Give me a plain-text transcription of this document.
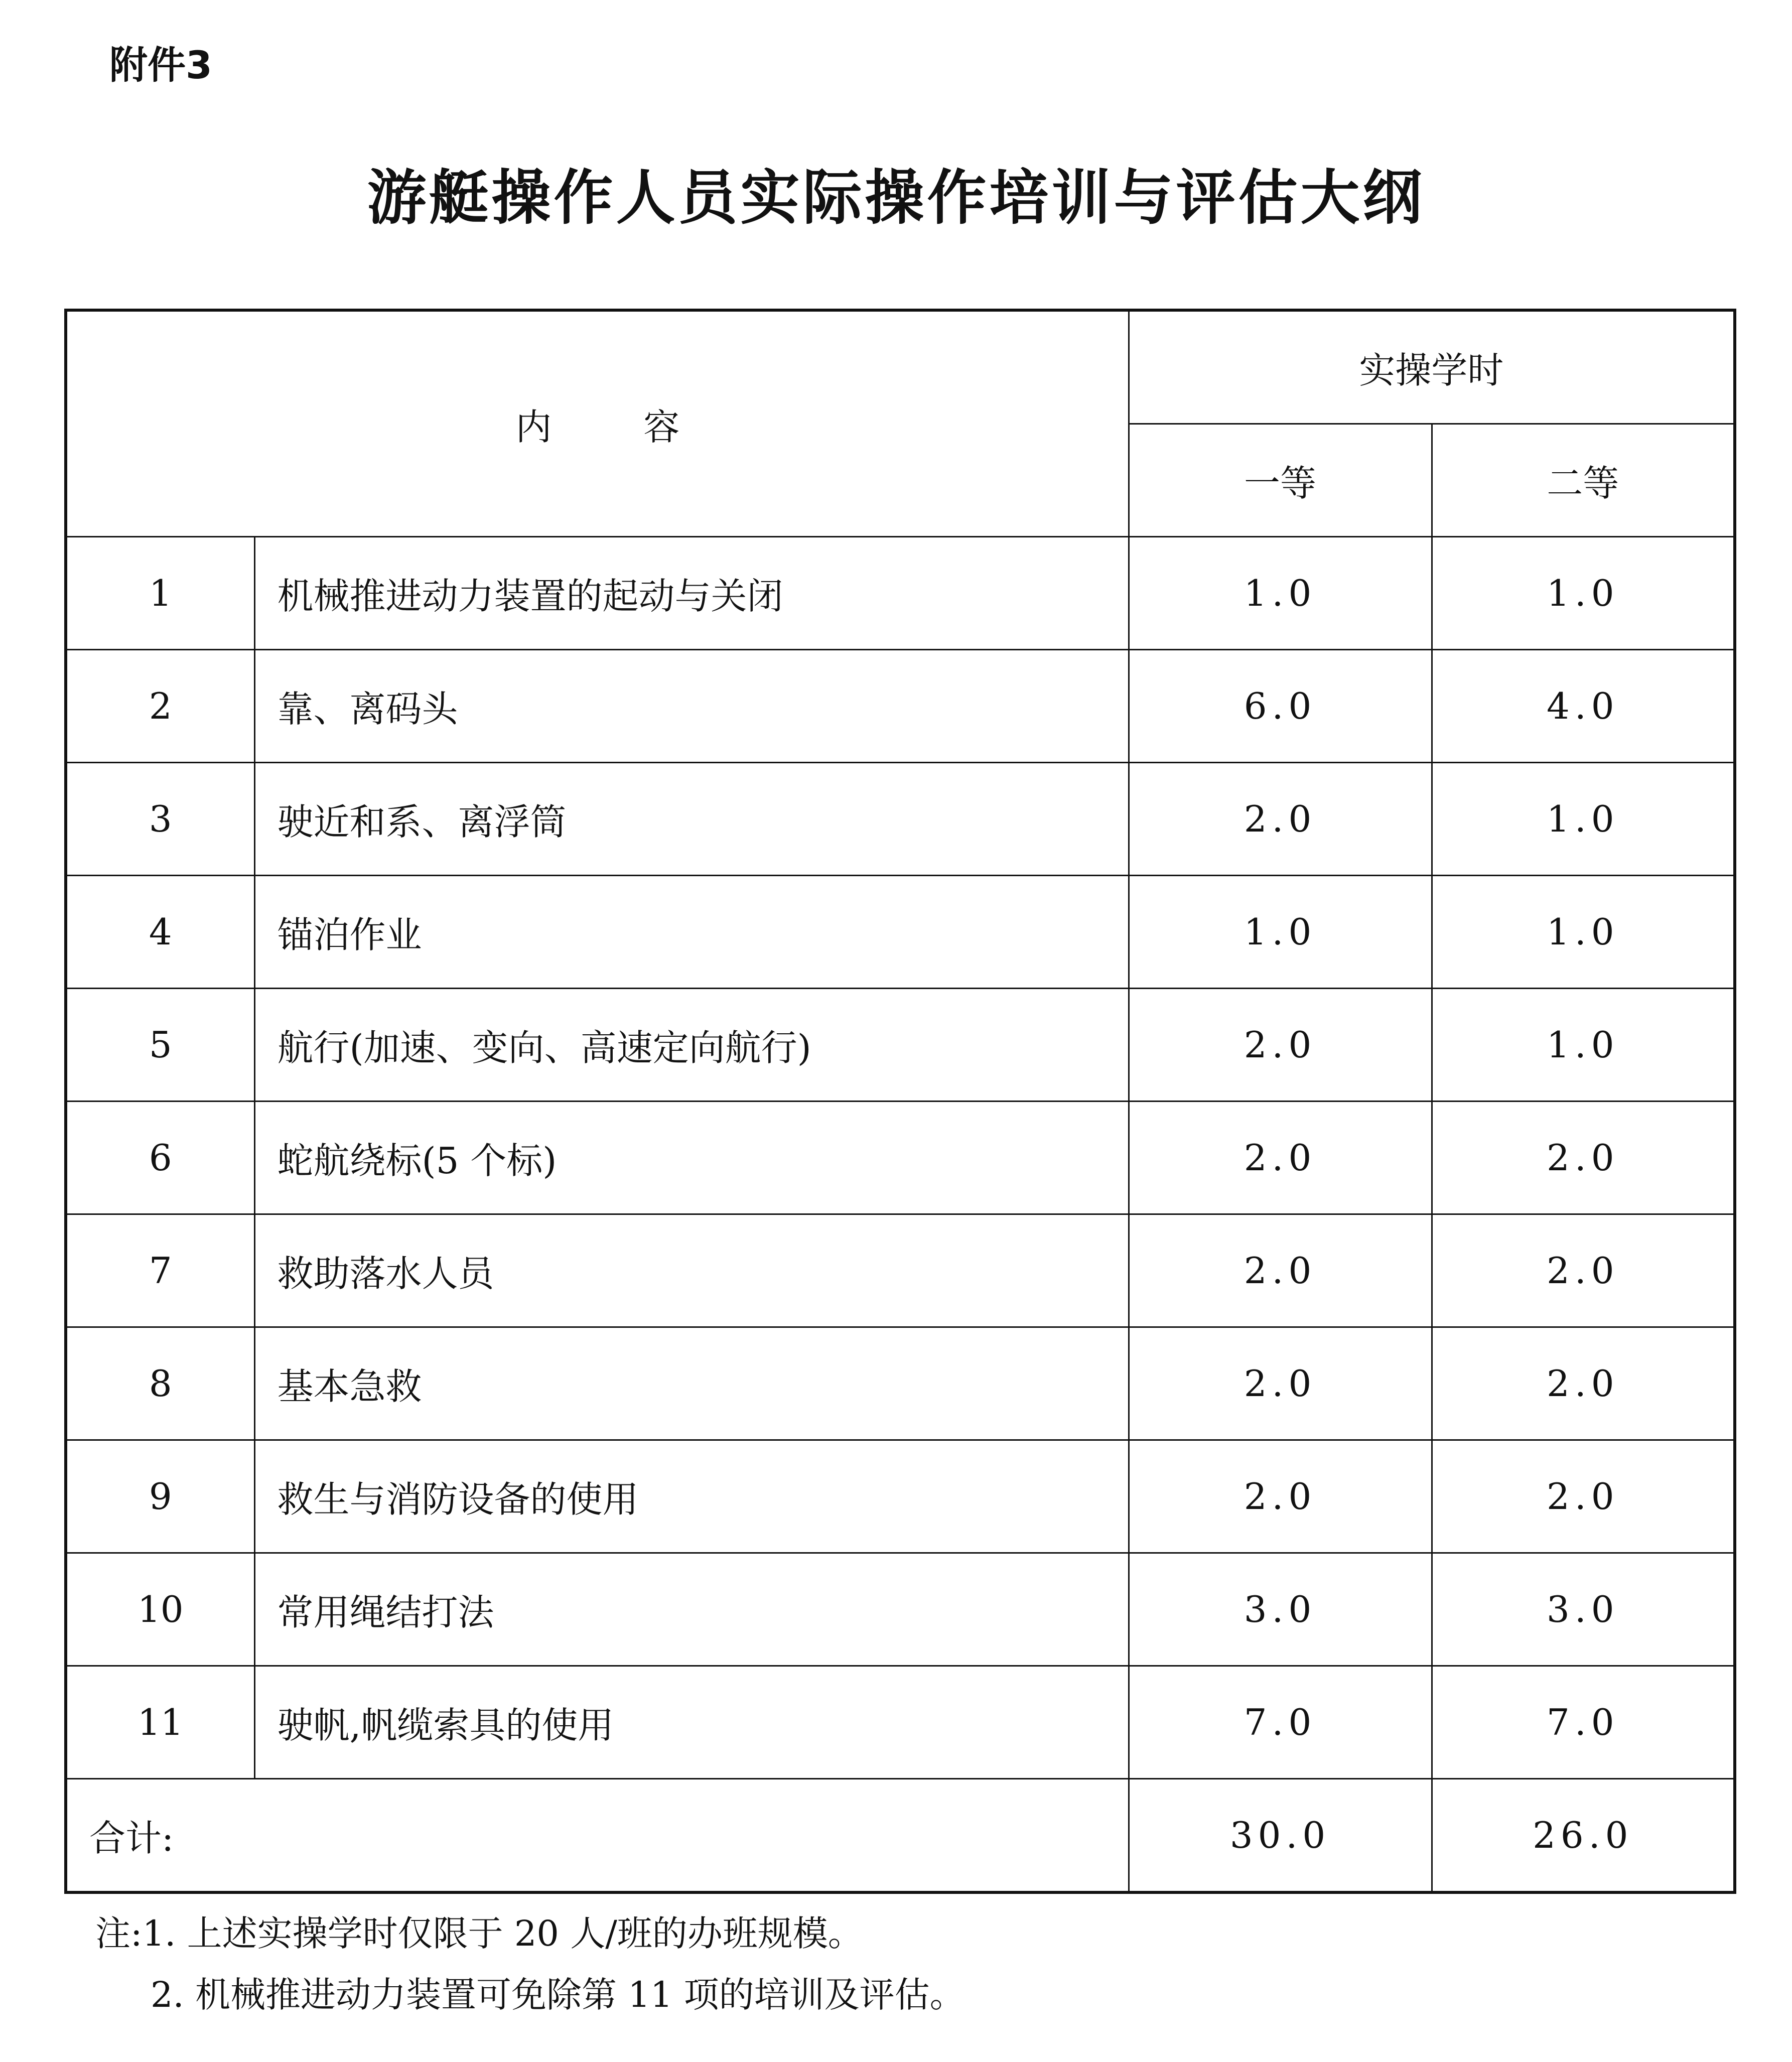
附件3
游艇操作人员实际操作培训与评估大纲
内 容		实操学时	
		一等	二等
1	机械推进动力装置的起动与关闭	1.0	1.0
2	靠、离码头	6.0	4.0
3	驶近和系、离浮筒	2.0	1.0
4	锚泊作业	1.0	1.0
5	航行(加速、变向、高速定向航行)	2.0	1.0
6	蛇航绕标(5 个标)	2.0	2.0
7	救助落水人员	2.0	2.0
8	基本急救	2.0	2.0
9	救生与消防设备的使用	2.0	2.0
10	常用绳结打法	3.0	3.0
11	驶帆,帆缆索具的使用	7.0	7.0
合计:		30.0	26.0
注:1. 上述实操学时仅限于 20 人/班的办班规模。
2. 机械推进动力装置可免除第 11 项的培训及评估。
